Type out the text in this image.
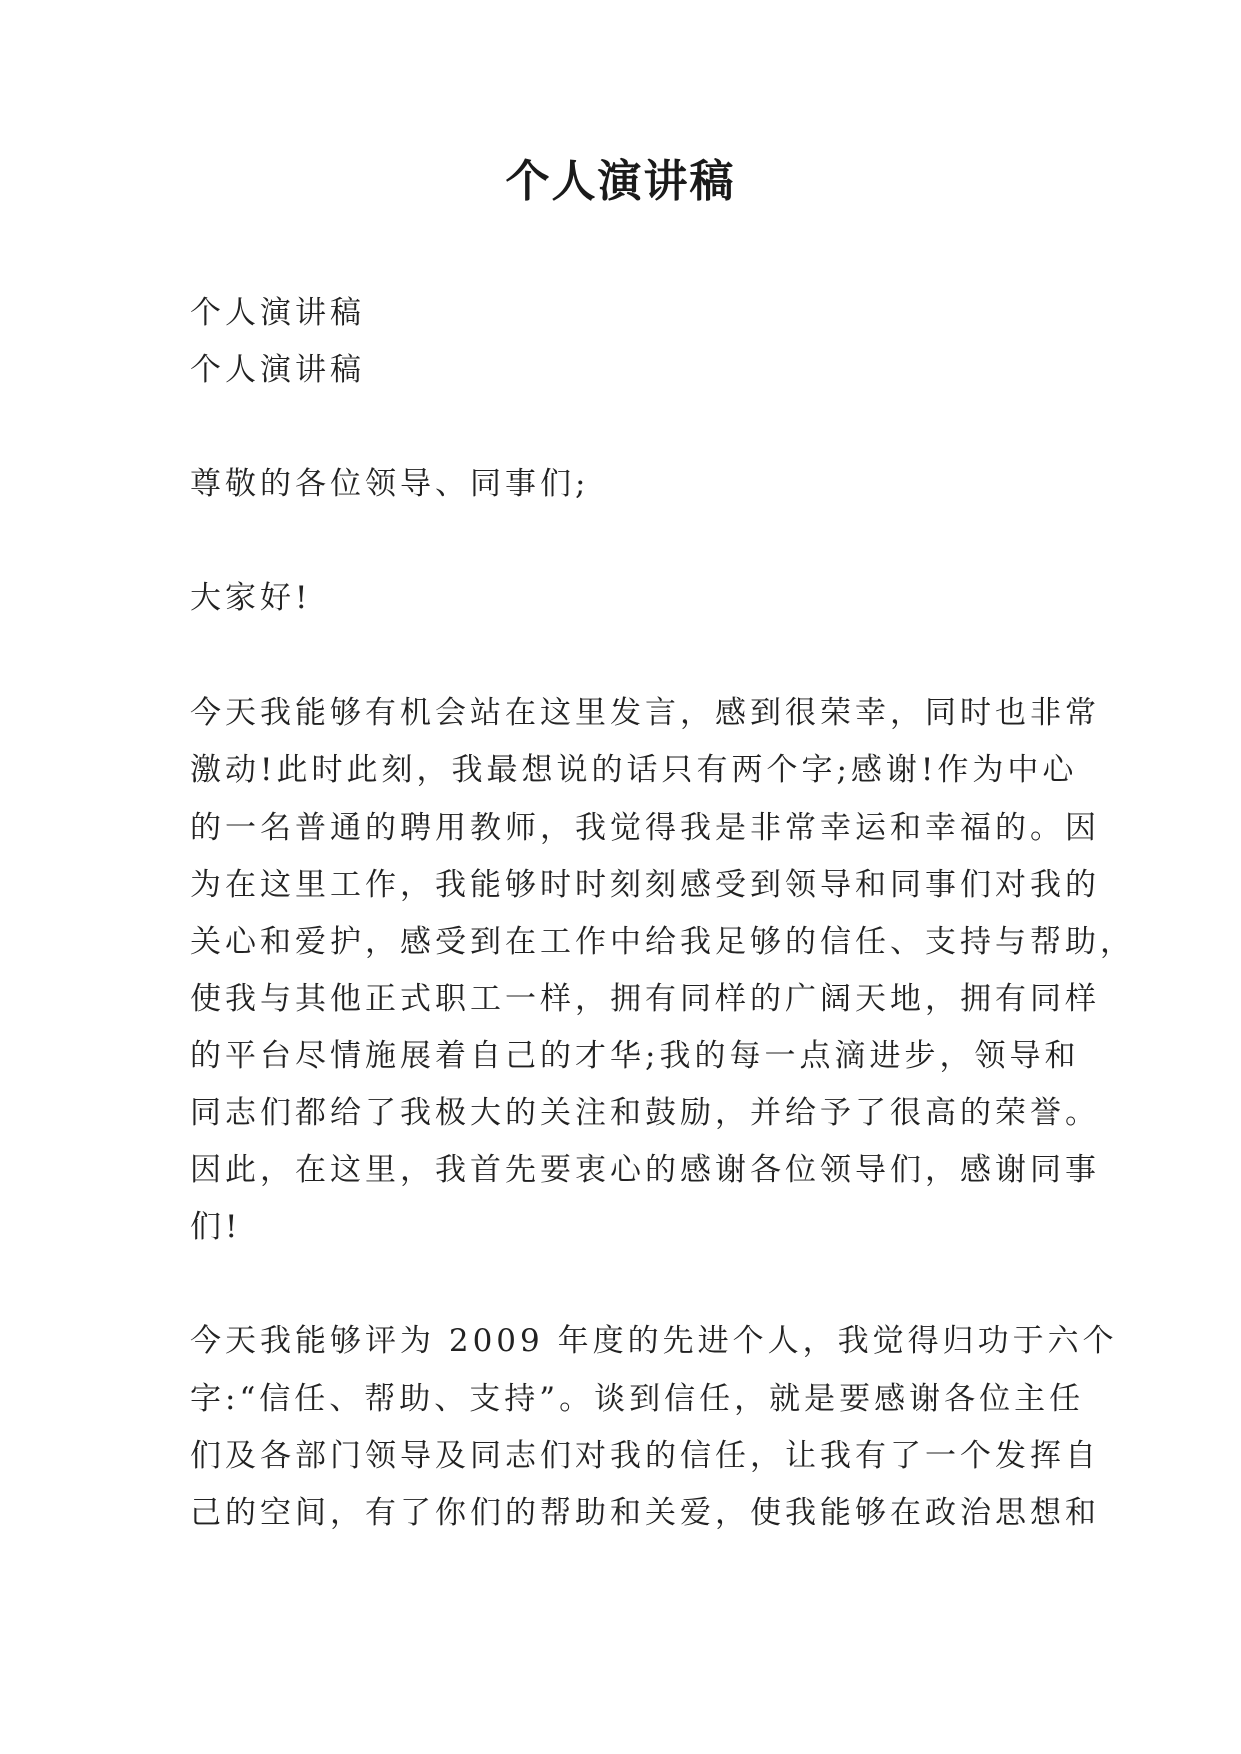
个人演讲稿
个人演讲稿
个人演讲稿
尊敬的各位领导、同事们;
大家好!
今天我能够有机会站在这里发言，感到很荣幸，同时也非常
激动!此时此刻，我最想说的话只有两个字;感谢!作为中心
的一名普通的聘用教师，我觉得我是非常幸运和幸福的。因
为在这里工作，我能够时时刻刻感受到领导和同事们对我的
关心和爱护，感受到在工作中给我足够的信任、支持与帮助，
使我与其他正式职工一样，拥有同样的广阔天地，拥有同样
的平台尽情施展着自己的才华;我的每一点滴进步，领导和
同志们都给了我极大的关注和鼓励，并给予了很高的荣誉。
因此，在这里，我首先要衷心的感谢各位领导们，感谢同事
们!
今天我能够评为 2009 年度的先进个人，我觉得归功于六个
字:“信任、帮助、支持”。谈到信任，就是要感谢各位主任
们及各部门领导及同志们对我的信任，让我有了一个发挥自
己的空间，有了你们的帮助和关爱，使我能够在政治思想和
